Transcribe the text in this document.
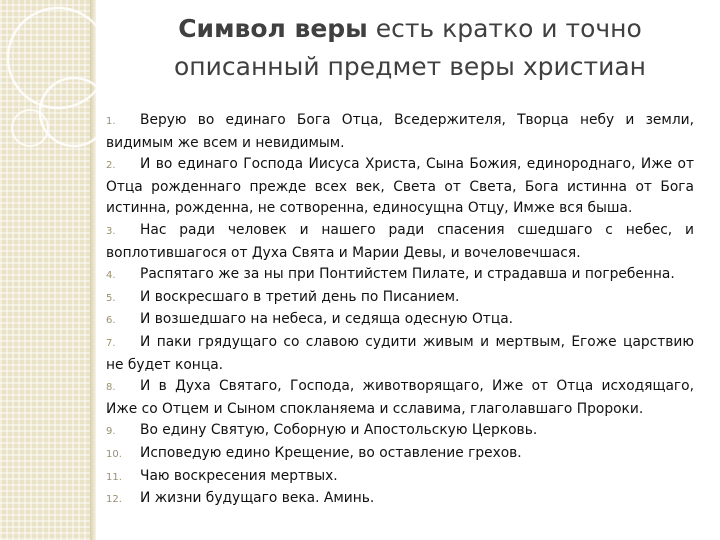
Символ веры есть кратко и точно описанный предмет веры христиан

1. Верую во единаго Бога Отца, Вседержителя, Творца небу и земли, видимым же всем и невидимым.

2. И во единаго Господа Иисуса Христа, Сына Божия, единороднаго, Иже от Отца рожденнаго прежде всех век, Света от Света, Бога истинна от Бога истинна, рожденна, не сотворенна, единосущна Отцу, Имже вся быша.

3. Нас ради человек и нашего ради спасения сшедшаго с небес, и воплотившагося от Духа Свята и Марии Девы, и вочеловечшася.

4. Распятаго же за ны при Понтийстем Пилате, и страдавша и погребенна.

5. И воскресшаго в третий день по Писанием.

6. И возшедшаго на небеса, и седяща одесную Отца.

7. И паки грядущаго со славою судити живым и мертвым, Егоже царствию не будет конца.

8. И в Духа Святаго, Господа, животворящаго, Иже от Отца исходящаго, Иже со Отцем и Сыном спокланяема и сславима, глаголавшаго Пророки.

9. Во едину Святую, Соборную и Апостольскую Церковь.

10. Исповедую едино Крещение, во оставление грехов.

11. Чаю воскресения мертвых.

12. И жизни будущаго века. Аминь.
